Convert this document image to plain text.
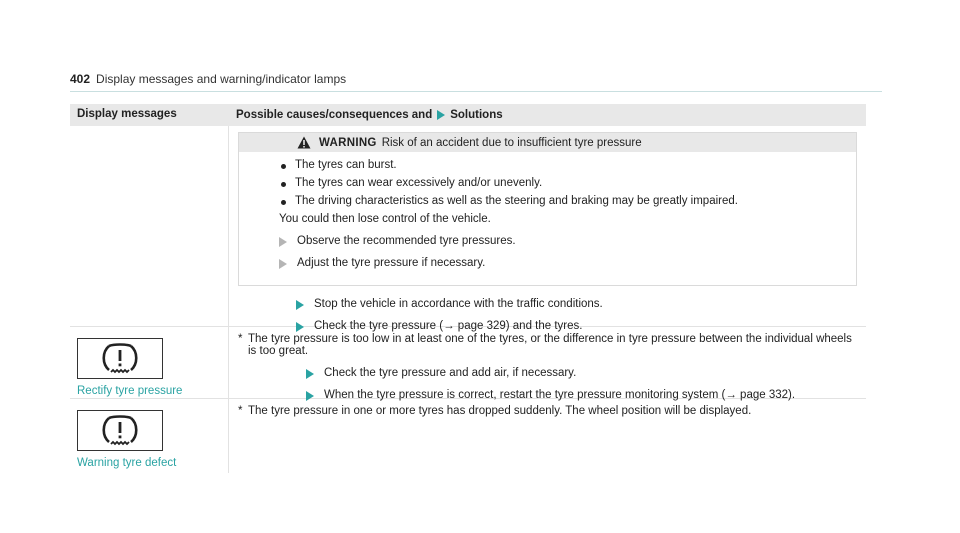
402 Display messages and warning/indicator lamps
Display messages	Possible causes/consequences and Solutions
WARNING Risk of an accident due to insufficient tyre pressure
The tyres can burst.
The tyres can wear excessively and/or unevenly.
The driving characteristics as well as the steering and braking may be greatly impaired.
You could then lose control of the vehicle.
Observe the recommended tyre pressures.
Adjust the tyre pressure if necessary.
Stop the vehicle in accordance with the traffic conditions.
Check the tyre pressure (→ page 329) and the tyres.
Rectify tyre pressure
* The tyre pressure is too low in at least one of the tyres, or the difference in tyre pressure between the individual wheels is too great.
Check the tyre pressure and add air, if necessary.
When the tyre pressure is correct, restart the tyre pressure monitoring system (→ page 332).
Warning tyre defect
* The tyre pressure in one or more tyres has dropped suddenly. The wheel position will be displayed.
